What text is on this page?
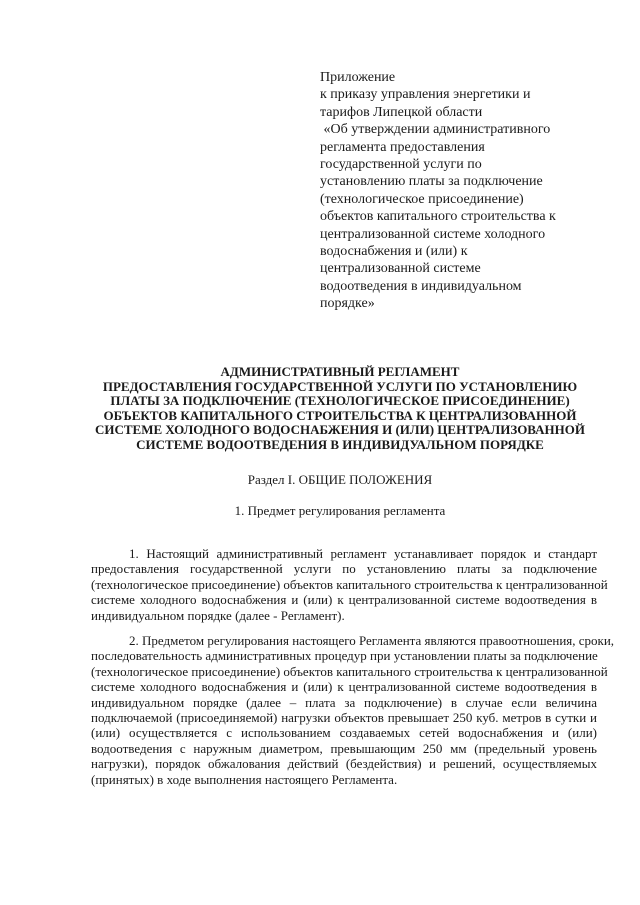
Приложение
к приказу управления энергетики и
тарифов Липецкой области
«Об утверждении административного
регламента предоставления
государственной услуги по
установлению платы за подключение
(технологическое присоединение)
объектов капитального строительства к
централизованной системе холодного
водоснабжения и (или) к
централизованной системе
водоотведения в индивидуальном
порядке»
АДМИНИСТРАТИВНЫЙ РЕГЛАМЕНТ
ПРЕДОСТАВЛЕНИЯ ГОСУДАРСТВЕННОЙ УСЛУГИ ПО УСТАНОВЛЕНИЮ
ПЛАТЫ ЗА ПОДКЛЮЧЕНИЕ (ТЕХНОЛОГИЧЕСКОЕ ПРИСОЕДИНЕНИЕ)
ОБЪЕКТОВ КАПИТАЛЬНОГО СТРОИТЕЛЬСТВА К ЦЕНТРАЛИЗОВАННОЙ
СИСТЕМЕ ХОЛОДНОГО ВОДОСНАБЖЕНИЯ И (ИЛИ) ЦЕНТРАЛИЗОВАННОЙ
СИСТЕМЕ ВОДООТВЕДЕНИЯ В ИНДИВИДУАЛЬНОМ ПОРЯДКЕ
Раздел I. ОБЩИЕ ПОЛОЖЕНИЯ
1. Предмет регулирования регламента
1. Настоящий административный регламент устанавливает порядок и стандарт
предоставления государственной услуги по установлению платы за подключение
(технологическое присоединение) объектов капитального строительства к централизованной
системе холодного водоснабжения и (или) к централизованной системе водоотведения в
индивидуальном порядке (далее - Регламент).
2. Предметом регулирования настоящего Регламента являются правоотношения, сроки,
последовательность административных процедур при установлении платы за подключение
(технологическое присоединение) объектов капитального строительства к централизованной
системе холодного водоснабжения и (или) к централизованной системе водоотведения в
индивидуальном порядке (далее – плата за подключение) в случае если величина
подключаемой (присоединяемой) нагрузки объектов превышает 250 куб. метров в сутки и
(или) осуществляется с использованием создаваемых сетей водоснабжения и (или)
водоотведения с наружным диаметром, превышающим 250 мм (предельный уровень
нагрузки), порядок обжалования действий (бездействия) и решений, осуществляемых
(принятых) в ходе выполнения настоящего Регламента.
